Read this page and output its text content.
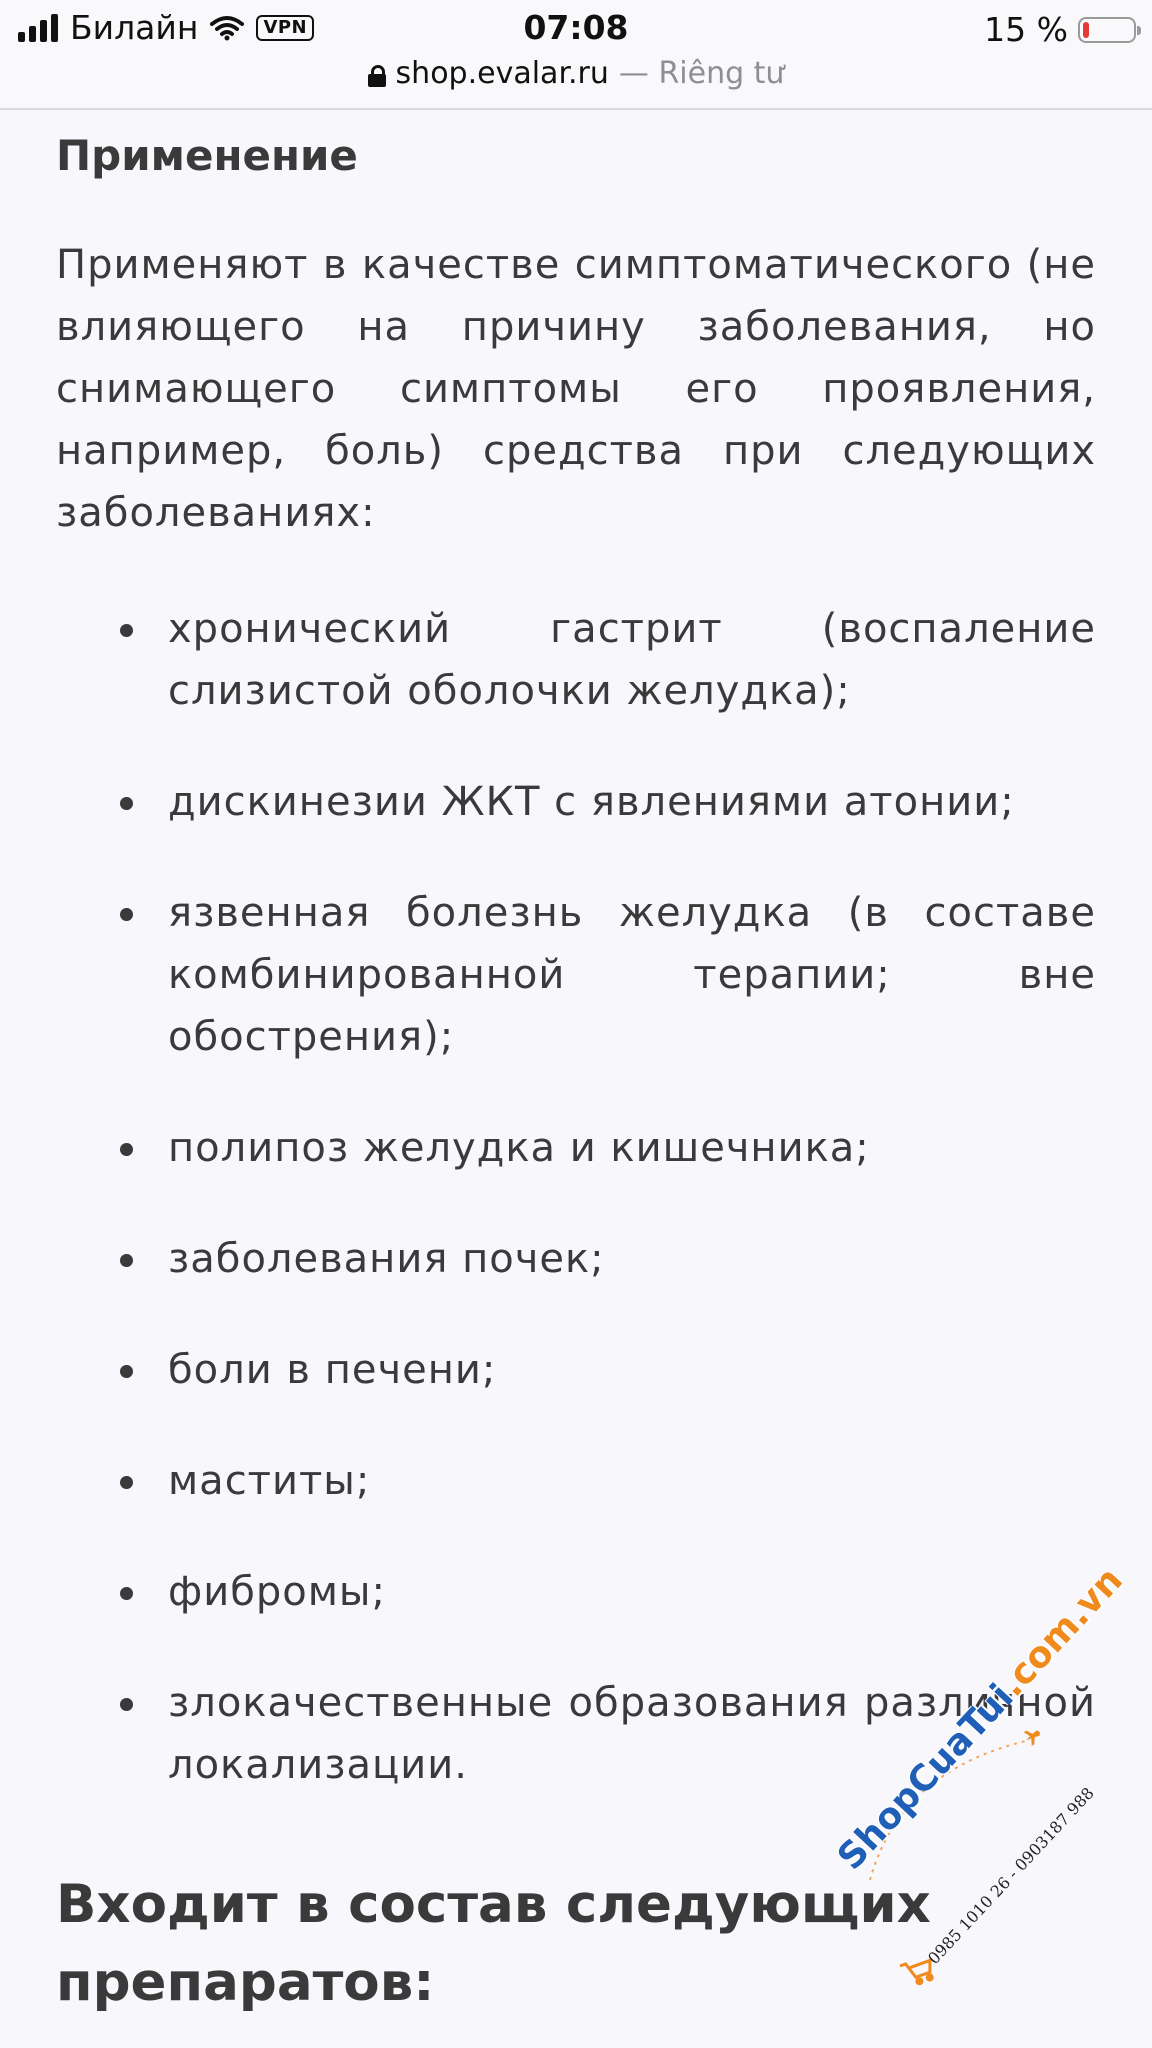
Билайн	VPN	07:08	15 %
shop.evalar.ru — Riêng tư
Применение

Применяют в качестве симптоматического (не влияющего на причину заболевания, но снимающего симптомы его проявления, например, боль) средства при следующих заболеваниях:

хронический гастрит (воспаление слизистой оболочки желудка);
дискинезии ЖКТ с явлениями атонии;
язвенная болезнь желудка (в составе комбинированной терапии; вне обострения);
полипоз желудка и кишечника;
заболевания почек;
боли в печени;
маститы;
фибромы;
злокачественные образования различной локализации.
Входит в состав следующих препаратов:
ShopCuaTui.com.vn
0985 1010 26 - 0903187 988
